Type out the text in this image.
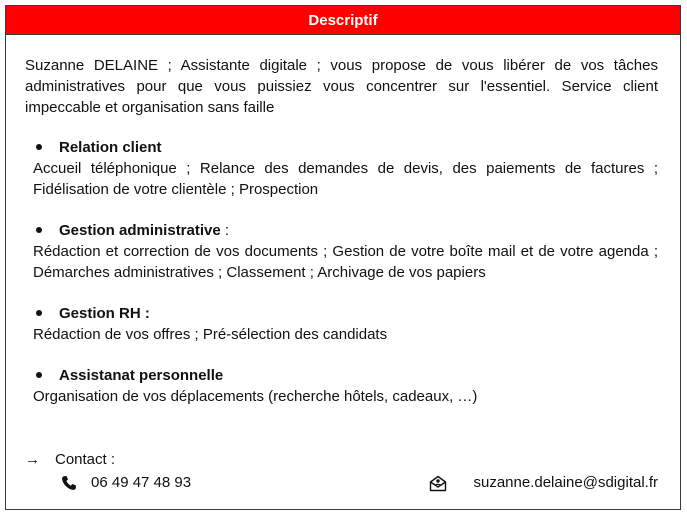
Descriptif
Suzanne DELAINE ; Assistante digitale ; vous propose de vous libérer de vos tâches administratives pour que vous puissiez vous concentrer sur l'essentiel. Service client impeccable et organisation sans faille
Relation client
Accueil téléphonique ; Relance des demandes de devis, des paiements de factures ; Fidélisation de votre clientèle ; Prospection
Gestion administrative :
Rédaction et correction de vos documents ; Gestion de votre boîte mail et de votre agenda ; Démarches administratives ; Classement ; Archivage de vos papiers
Gestion RH :
Rédaction de vos offres ; Pré-sélection des candidats
Assistanat personnelle
Organisation de vos déplacements (recherche hôtels, cadeaux, …)
→	Contact :
06 49 47 48 93	suzanne.delaine@sdigital.fr
